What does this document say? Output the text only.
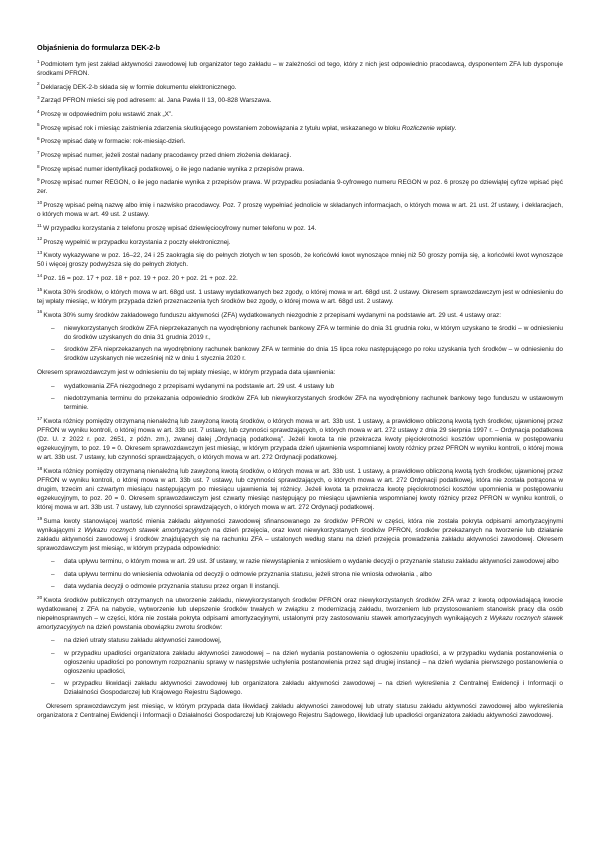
Objaśnienia do formularza DEK-2-b

$^1$Podmiotem tym jest zakład aktywności zawodowej lub organizator tego zakładu – w zależności od tego, który z nich jest odpowiednio pracodawcą, dysponentem ZFA lub dysponuje środkami PFRON.

$^2$Deklarację DEK-2-b składa się w formie dokumentu elektronicznego.

$^3$Zarząd PFRON mieści się pod adresem: al. Jana Pawła II 13, 00-828 Warszawa.

$^4$Proszę w odpowiednim polu wstawić znak „X”.

$^5$Proszę wpisać rok i miesiąc zaistnienia zdarzenia skutkującego powstaniem zobowiązania z tytułu wpłat, wskazanego w bloku Rozliczenie wpłaty.

$^6$Proszę wpisać datę w formacie: rok-miesiąc-dzień.

$^7$Proszę wpisać numer, jeżeli został nadany pracodawcy przed dniem złożenia deklaracji.

$^8$Proszę wpisać numer identyfikacji podatkowej, o ile jego nadanie wynika z przepisów prawa.

$^9$Proszę wpisać numer REGON, o ile jego nadanie wynika z przepisów prawa. W przypadku posiadania 9-cyfrowego numeru REGON w poz. 6 proszę po dziewiątej cyfrze wpisać pięć zer.

$^{10}$Proszę wpisać pełną nazwę albo imię i nazwisko pracodawcy. Poz. 7 proszę wypełniać jednolicie w składanych informacjach, o których mowa w art. 21 ust. 2f ustawy, i deklaracjach, o których mowa w art. 49 ust. 2 ustawy.

$^{11}$W przypadku korzystania z telefonu proszę wpisać dziewięciocyfrowy numer telefonu w poz. 14.

$^{12}$Proszę wypełnić w przypadku korzystania z poczty elektronicznej.

$^{13}$Kwoty wykazywane w poz. 16–22, 24 i 25 zaokrągla się do pełnych złotych w ten sposób, że końcówki kwot wynoszące mniej niż 50 groszy pomija się, a końcówki kwot wynoszące 50 i więcej groszy podwyższa się do pełnych złotych.

$^{14}$Poz. 16 = poz. 17 + poz. 18 + poz. 19 + poz. 20 + poz. 21 + poz. 22.

$^{15}$Kwota 30% środków, o których mowa w art. 68gd ust. 1 ustawy wydatkowanych bez zgody, o której mowa w art. 68gd ust. 2 ustawy. Okresem sprawozdawczym jest w odniesieniu do tej wpłaty miesiąc, w którym przypada dzień przeznaczenia tych środków bez zgody, o której mowa w art. 68gd ust. 2 ustawy.

$^{16}$Kwota 30% sumy środków zakładowego funduszu aktywności (ZFA) wydatkowanych niezgodnie z przepisami wydanymi na podstawie art. 29 ust. 4 ustawy oraz:

– niewykorzystanych środków ZFA nieprzekazanych na wyodrębniony rachunek bankowy ZFA w terminie do dnia 31 grudnia roku, w którym uzyskano te środki – w odniesieniu do środków uzyskanych do dnia 31 grudnia 2019 r.,
– środków ZFA nieprzekazanych na wyodrębniony rachunek bankowy ZFA w terminie do dnia 15 lipca roku następującego po roku uzyskania tych środków – w odniesieniu do środków uzyskanych nie wcześniej niż w dniu 1 stycznia 2020 r.

Okresem sprawozdawczym jest w odniesieniu do tej wpłaty miesiąc, w którym przypada data ujawnienia:

– wydatkowania ZFA niezgodnego z przepisami wydanymi na podstawie art. 29 ust. 4 ustawy lub
– niedotrzymania terminu do przekazania odpowiednio środków ZFA lub niewykorzystanych środków ZFA na wyodrębniony rachunek bankowy tego funduszu w ustawowym terminie.

$^{17}$Kwota różnicy pomiędzy otrzymaną nienależną lub zawyżoną kwotą środków, o których mowa w art. 33b ust. 1 ustawy, a prawidłowo obliczoną kwotą tych środków, ujawnionej przez PFRON w wyniku kontroli, o której mowa w art. 33b ust. 7 ustawy, lub czynności sprawdzających, o których mowa w art. 272 ustawy z dnia 29 sierpnia 1997 r. – Ordynacja podatkowa (Dz. U. z 2022 r. poz. 2651, z późn. zm.), zwanej dalej „Ordynacją podatkową”. Jeżeli kwota ta nie przekracza kwoty pięciokrotności kosztów upomnienia w postępowaniu egzekucyjnym, to poz. 19 = 0. Okresem sprawozdawczym jest miesiąc, w którym przypada dzień ujawnienia wspomnianej kwoty różnicy przez PFRON w wyniku kontroli, o której mowa w art. 33b ust. 7 ustawy, lub czynności sprawdzających, o których mowa w art. 272 Ordynacji podatkowej.

$^{18}$Kwota różnicy pomiędzy otrzymaną nienależną lub zawyżoną kwotą środków, o których mowa w art. 33b ust. 1 ustawy, a prawidłowo obliczoną kwotą tych środków, ujawnionej przez PFRON w wyniku kontroli, o której mowa w art. 33b ust. 7 ustawy, lub czynności sprawdzających, o których mowa w art. 272 Ordynacji podatkowej, która nie została potrącona w drugim, trzecim ani czwartym miesiącu następującym po miesiącu ujawnienia tej różnicy. Jeżeli kwota ta przekracza kwotę pięciokrotności kosztów upomnienia w postępowaniu egzekucyjnym, to poz. 20 = 0. Okresem sprawozdawczym jest czwarty miesiąc następujący po miesiącu ujawnienia wspomnianej kwoty różnicy przez PFRON w wyniku kontroli, o której mowa w art. 33b ust. 7 ustawy, lub czynności sprawdzających, o których mowa w art. 272 Ordynacji podatkowej.

$^{19}$Suma kwoty stanowiącej wartość mienia zakładu aktywności zawodowej sfinansowanego ze środków PFRON w części, która nie została pokryta odpisami amortyzacyjnymi wynikającymi z Wykazu rocznych stawek amortyzacyjnych na dzień przejęcia, oraz kwot niewykorzystanych środków PFRON, środków przekazanych na tworzenie lub działanie zakładu aktywności zawodowej i środków znajdujących się na rachunku ZFA – ustalonych według stanu na dzień przejęcia prowadzenia zakładu aktywności zawodowej. Okresem sprawozdawczym jest miesiąc, w którym przypada odpowiednio:

– data upływu terminu, o którym mowa w art. 29 ust. 3f ustawy, w razie niewystąpienia z wnioskiem o wydanie decyzji o przyznanie statusu zakładu aktywności zawodowej albo
– data upływu terminu do wniesienia odwołania od decyzji o odmowie przyznania statusu, jeżeli strona nie wniosła odwołania , albo
– data wydania decyzji o odmowie przyznania statusu przez organ II instancji.

$^{20}$Kwota środków publicznych otrzymanych na utworzenie zakładu, niewykorzystanych środków PFRON oraz niewykorzystanych środków ZFA wraz z kwotą odpowiadającą kwocie wydatkowanej z ZFA na nabycie, wytworzenie lub ulepszenie środków trwałych w związku z modernizacją zakładu, tworzeniem lub przystosowaniem stanowisk pracy dla osób niepełnosprawnych – w części, która nie została pokryta odpisami amortyzacyjnymi, ustalonymi przy zastosowaniu stawek amortyzacyjnych wynikających z Wykazu rocznych stawek amortyzacyjnych na dzień powstania obowiązku zwrotu środków:

– na dzień utraty statusu zakładu aktywności zawodowej,
– w przypadku upadłości organizatora zakładu aktywności zawodowej – na dzień wydania postanowienia o ogłoszeniu upadłości, a w przypadku wydania postanowienia o ogłoszeniu upadłości po ponownym rozpoznaniu sprawy w następstwie uchylenia postanowienia przez sąd drugiej instancji – na dzień wydania pierwszego postanowienia o ogłoszeniu upadłości,
– w przypadku likwidacji zakładu aktywności zawodowej lub organizatora zakładu aktywności zawodowej – na dzień wykreślenia z Centralnej Ewidencji i Informacji o Działalności Gospodarczej lub Krajowego Rejestru Sądowego.

Okresem sprawozdawczym jest miesiąc, w którym przypada data likwidacji zakładu aktywności zawodowej lub utraty statusu zakładu aktywności zawodowej albo wykreślenia organizatora z Centralnej Ewidencji i Informacji o Działalności Gospodarczej lub Krajowego Rejestru Sądowego, likwidacji lub upadłości organizatora zakładu aktywności zawodowej.
